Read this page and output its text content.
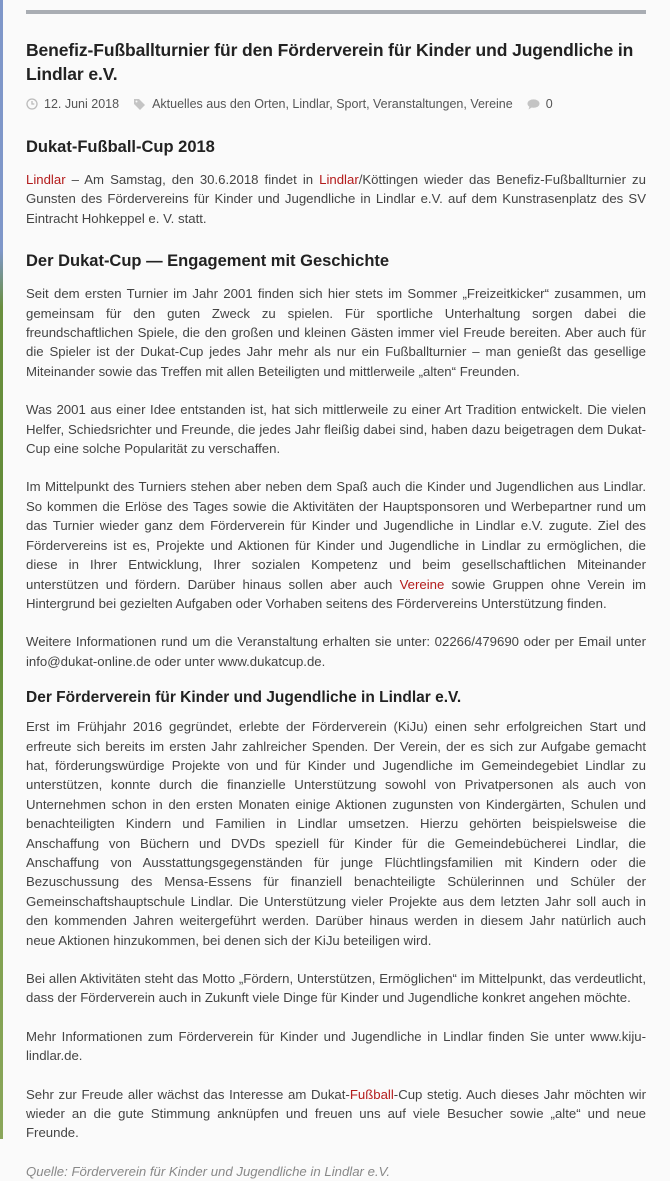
Benefiz-Fußballturnier für den Förderverein für Kinder und Jugendliche in Lindlar e.V.
12. Juni 2018	Aktuelles aus den Orten, Lindlar, Sport, Veranstaltungen, Vereine	0
Dukat-Fußball-Cup 2018

Lindlar – Am Samstag, den 30.6.2018 findet in Lindlar/Köttingen wieder das Benefiz-Fußballturnier zu Gunsten des Fördervereins für Kinder und Jugendliche in Lindlar e.V. auf dem Kunstrasenplatz des SV Eintracht Hohkeppel e. V. statt.

Der Dukat-Cup — Engagement mit Geschichte

Seit dem ersten Turnier im Jahr 2001 finden sich hier stets im Sommer „Freizeitkicker“ zusammen, um gemeinsam für den guten Zweck zu spielen. Für sportliche Unterhaltung sorgen dabei die freundschaftlichen Spiele, die den großen und kleinen Gästen immer viel Freude bereiten. Aber auch für die Spieler ist der Dukat-Cup jedes Jahr mehr als nur ein Fußballturnier – man genießt das gesellige Miteinander sowie das Treffen mit allen Beteiligten und mittlerweile „alten“ Freunden.

Was 2001 aus einer Idee entstanden ist, hat sich mittlerweile zu einer Art Tradition entwickelt. Die vielen Helfer, Schiedsrichter und Freunde, die jedes Jahr fleißig dabei sind, haben dazu beigetragen dem Dukat-Cup eine solche Popularität zu verschaffen.

Im Mittelpunkt des Turniers stehen aber neben dem Spaß auch die Kinder und Jugendlichen aus Lindlar. So kommen die Erlöse des Tages sowie die Aktivitäten der Hauptsponsoren und Werbepartner rund um das Turnier wieder ganz dem Förderverein für Kinder und Jugendliche in Lindlar e.V. zugute. Ziel des Fördervereins ist es, Projekte und Aktionen für Kinder und Jugendliche in Lindlar zu ermöglichen, die diese in Ihrer Entwicklung, Ihrer sozialen Kompetenz und beim gesellschaftlichen Miteinander unterstützen und fördern. Darüber hinaus sollen aber auch Vereine sowie Gruppen ohne Verein im Hintergrund bei gezielten Aufgaben oder Vorhaben seitens des Fördervereins Unterstützung finden.

Weitere Informationen rund um die Veranstaltung erhalten sie unter: 02266/479690 oder per Email unter info@dukat-online.de oder unter www.dukatcup.de.

Der Förderverein für Kinder und Jugendliche in Lindlar e.V.

Erst im Frühjahr 2016 gegründet, erlebte der Förderverein (KiJu) einen sehr erfolgreichen Start und erfreute sich bereits im ersten Jahr zahlreicher Spenden. Der Verein, der es sich zur Aufgabe gemacht hat, förderungswürdige Projekte von und für Kinder und Jugendliche im Gemeindegebiet Lindlar zu unterstützen, konnte durch die finanzielle Unterstützung sowohl von Privatpersonen als auch von Unternehmen schon in den ersten Monaten einige Aktionen zugunsten von Kindergärten, Schulen und benachteiligten Kindern und Familien in Lindlar umsetzen. Hierzu gehörten beispielsweise die Anschaffung von Büchern und DVDs speziell für Kinder für die Gemeindebücherei Lindlar, die Anschaffung von Ausstattungsgegenständen für junge Flüchtlingsfamilien mit Kindern oder die Bezuschussung des Mensa-Essens für finanziell benachteiligte Schülerinnen und Schüler der Gemeinschaftshauptschule Lindlar. Die Unterstützung vieler Projekte aus dem letzten Jahr soll auch in den kommenden Jahren weitergeführt werden. Darüber hinaus werden in diesem Jahr natürlich auch neue Aktionen hinzukommen, bei denen sich der KiJu beteiligen wird.

Bei allen Aktivitäten steht das Motto „Fördern, Unterstützen, Ermöglichen“ im Mittelpunkt, das verdeutlicht, dass der Förderverein auch in Zukunft viele Dinge für Kinder und Jugendliche konkret angehen möchte.

Mehr Informationen zum Förderverein für Kinder und Jugendliche in Lindlar finden Sie unter www.kiju-lindlar.de.

Sehr zur Freude aller wächst das Interesse am Dukat-Fußball-Cup stetig. Auch dieses Jahr möchten wir wieder an die gute Stimmung anknüpfen und freuen uns auf viele Besucher sowie „alte“ und neue Freunde.

Quelle: Förderverein für Kinder und Jugendliche in Lindlar e.V.
